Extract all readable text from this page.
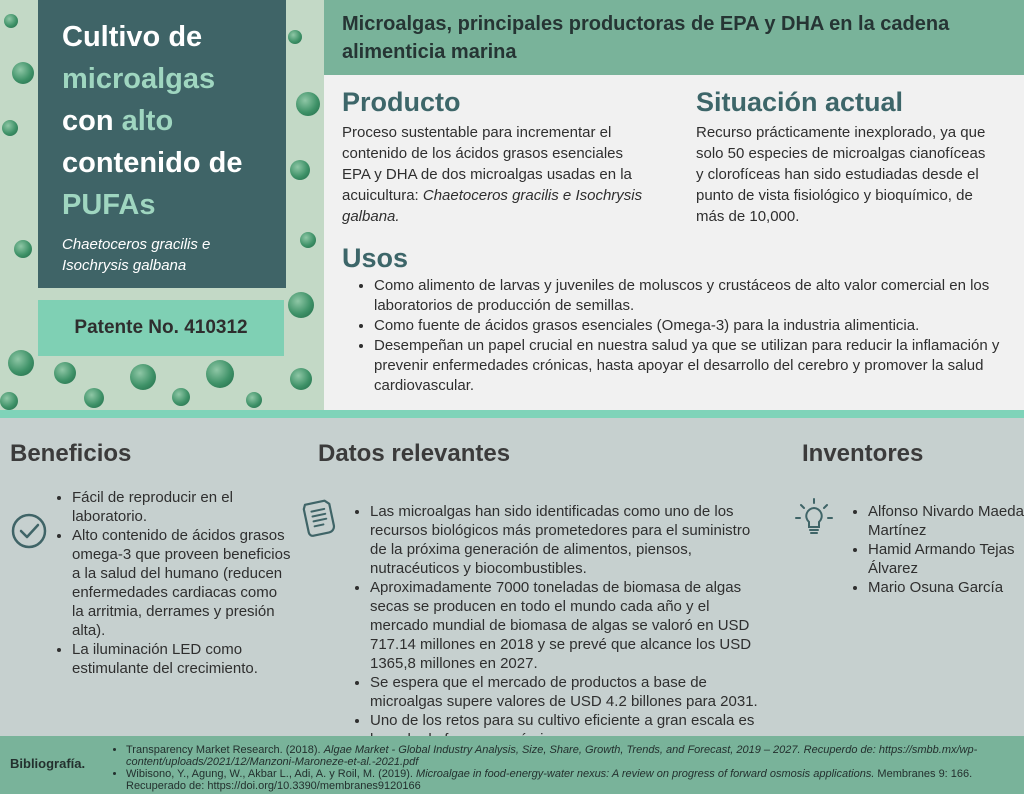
Cultivo de
microalgas
con alto
contenido de
PUFAs
Chaetoceros gracilis e Isochrysis galbana
Patente No. 410312
Microalgas, principales productoras de EPA y DHA en la cadena alimenticia marina
Producto

Proceso sustentable para incrementar el contenido de los ácidos grasos esenciales EPA y DHA de dos microalgas usadas en la acuicultura: Chaetoceros gracilis e Isochrysis galbana.

Situación actual

Recurso prácticamente inexplorado, ya que solo 50 especies de microalgas cianofíceas y clorofíceas han sido estudiadas desde el punto de vista fisiológico y bioquímico, de más de 10,000.

Usos
• Como alimento de larvas y juveniles de moluscos y crustáceos de alto valor comercial en los laboratorios de producción de semillas.
• Como fuente de ácidos grasos esenciales (Omega-3) para la industria alimenticia.
• Desempeñan un papel crucial en nuestra salud ya que se utilizan para reducir la inflamación y prevenir enfermedades crónicas, hasta apoyar el desarrollo del cerebro y promover la salud cardiovascular.
Beneficios
• Fácil de reproducir en el laboratorio.
• Alto contenido de ácidos grasos omega-3 que proveen beneficios a la salud del humano (reducen enfermedades cardiacas como la arritmia, derrames y presión alta).
• La iluminación LED como estimulante del crecimiento.
Datos relevantes
• Las microalgas han sido identificadas como uno de los recursos biológicos más prometedores para el suministro de la próxima generación de alimentos, piensos, nutracéuticos y biocombustibles.
• Aproximadamente 7000 toneladas de biomasa de algas secas se producen en todo el mundo cada año y el mercado mundial de biomasa de algas se valoró en USD 717.14 millones en 2018 y se prevé que alcance los USD 1365,8 millones en 2027.
• Se espera que el mercado de productos a base de microalgas supere valores de USD 4.2 billones para 2031.
• Uno de los retos para su cultivo eficiente a gran escala es
Inventores
• Alfonso Nivardo Maeda Martínez
• Hamid Armando Tejas Álvarez
• Mario Osuna García
Bibliografía.
• Transparency Market Research. (2018). Algae Market - Global Industry Analysis, Size, Share, Growth, Trends, and Forecast, 2019 – 2027. Recuperdo de: https://smbb.mx/wp-content/uploads/2021/12/Manzoni-Maroneze-et-al.-2021.pdf
• Wibisono, Y., Agung, W., Akbar L., Adi, A. y Roil, M. (2019). Microalgae in food-energy-water nexus: A review on progress of forward osmosis applications. Membranes 9: 166. Recuperado de: https://doi.org/10.3390/membranes9120166
